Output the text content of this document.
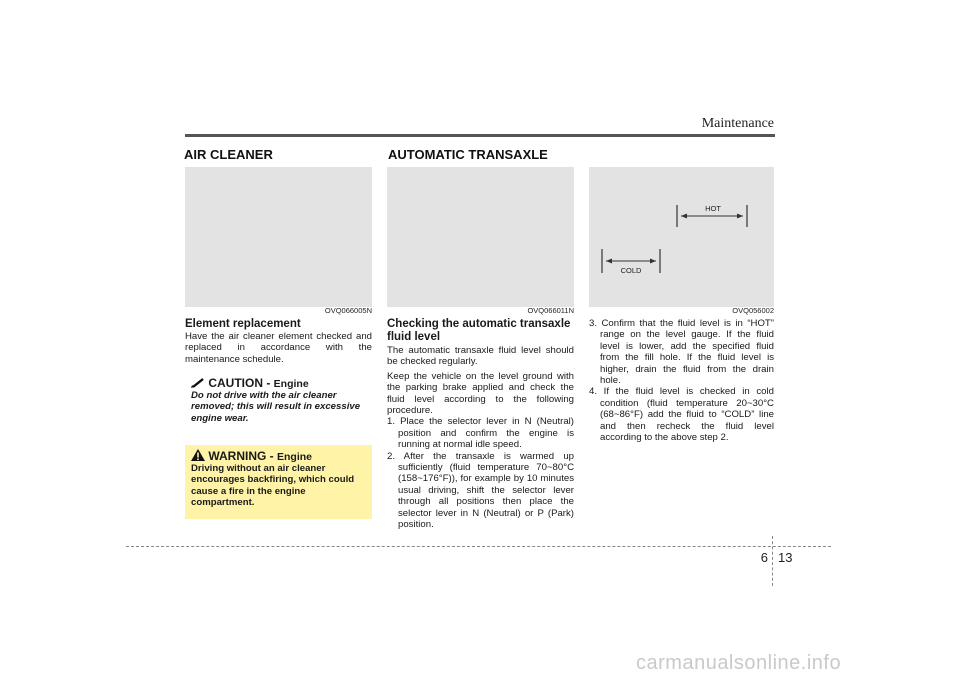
Maintenance
AIR CLEANER	AUTOMATIC TRANSAXLE
OVQ066005N	OVQ066011N
HOT
COLD
OVQ056002
Element replacement

Have the air cleaner element checked and replaced in accordance with the maintenance schedule.

CAUTION - Engine
Do not drive with the air cleaner removed; this will result in excessive engine wear.
WARNING - Engine
Driving without an air cleaner encourages backfiring, which could cause a fire in the engine compartment.
Checking the automatic transaxle fluid level

The automatic transaxle fluid level should be checked regularly.

Keep the vehicle on the level ground with the parking brake applied and check the fluid level according to the following procedure.

1. Place the selector lever in N (Neutral) position and confirm the engine is running at normal idle speed.
2. After the transaxle is warmed up sufficiently (fluid temperature 70~80°C (158~176°F)), for example by 10 minutes usual driving, shift the selector lever through all positions then place the selector lever in N (Neutral) or P (Park) position.
3. Confirm that the fluid level is in “HOT” range on the level gauge. If the fluid level is lower, add the specified fluid from the fill hole. If the fluid level is higher, drain the fluid from the drain hole.
4. If the fluid level is checked in cold condition (fluid temperature 20~30°C (68~86°F) add the fluid to “COLD” line and then recheck the fluid level according to the above step 2.
6 13
carmanualsonline.info
